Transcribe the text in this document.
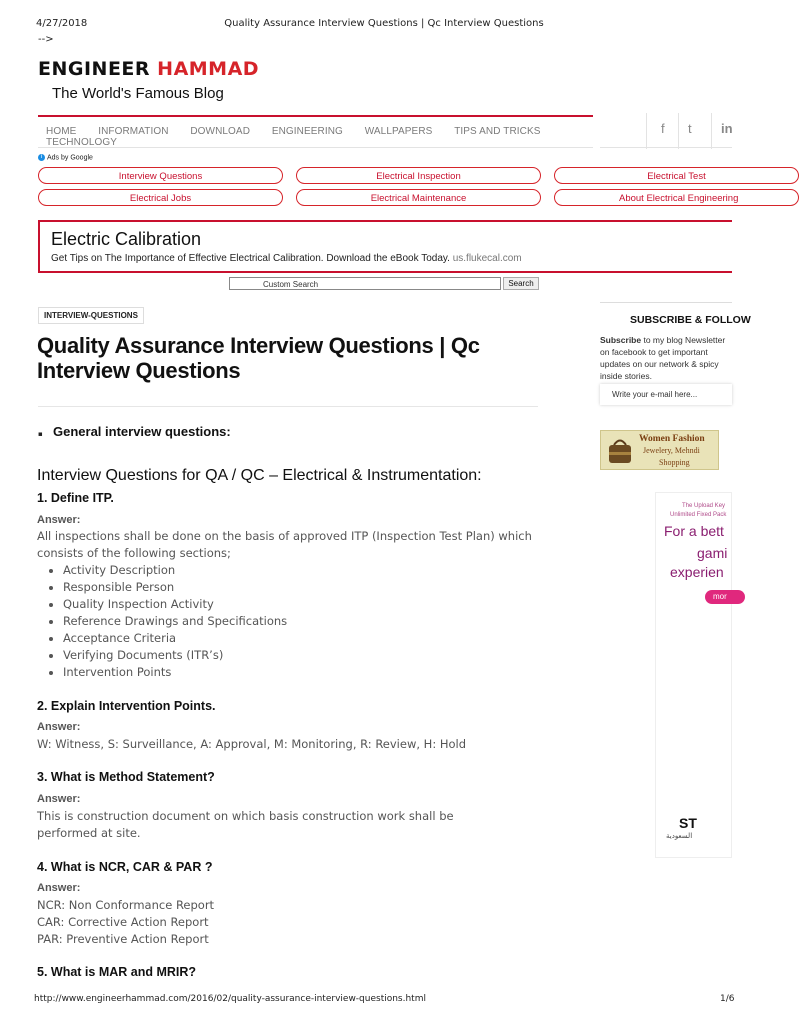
4/27/2018	Quality Assurance Interview Questions | Qc Interview Questions
-->
ENGINEER HAMMAD
The World's Famous Blog
HOME INFORMATION DOWNLOAD ENGINEERING WALLPAPERS TIPS AND TRICKS TECHNOLOGY
f t in
i Ads by Google
Interview Questions	Electrical Inspection	Electrical Test
Electrical Jobs	Electrical Maintenance	About Electrical Engineering
Electric Calibration
Get Tips on The Importance of Effective Electrical Calibration. Download the eBook Today. us.flukecal.com
Custom Search	Search
INTERVIEW-QUESTIONS
Quality Assurance Interview Questions | Qc Interview Questions
▪ General interview questions:
Interview Questions for QA / QC – Electrical & Instrumentation:
1. Define ITP.
Answer:
All inspections shall be done on the basis of approved ITP (Inspection Test Plan) which consists of the following sections;
• Activity Description
• Responsible Person
• Quality Inspection Activity
• Reference Drawings and Specifications
• Acceptance Criteria
• Verifying Documents (ITR’s)
• Intervention Points
2. Explain Intervention Points.
Answer:
W: Witness, S: Surveillance, A: Approval, M: Monitoring, R: Review, H: Hold
3. What is Method Statement?
Answer:
This is construction document on which basis construction work shall be performed at site.
4. What is NCR, CAR & PAR ?
Answer:
NCR: Non Conformance Report
CAR: Corrective Action Report
PAR: Preventive Action Report
5. What is MAR and MRIR?
SUBSCRIBE & FOLLOW
Subscribe to my blog Newsletter on facebook to get important updates on our network & spicy inside stories.
Write your e-mail here...
Women Fashion
Jewelery, Mehndi
Shopping
The Upload Key
Unlimited Fixed Pack
For a bett
gami
experien
mor
ST
السعودية
http://www.engineerhammad.com/2016/02/quality-assurance-interview-questions.html	1/6
